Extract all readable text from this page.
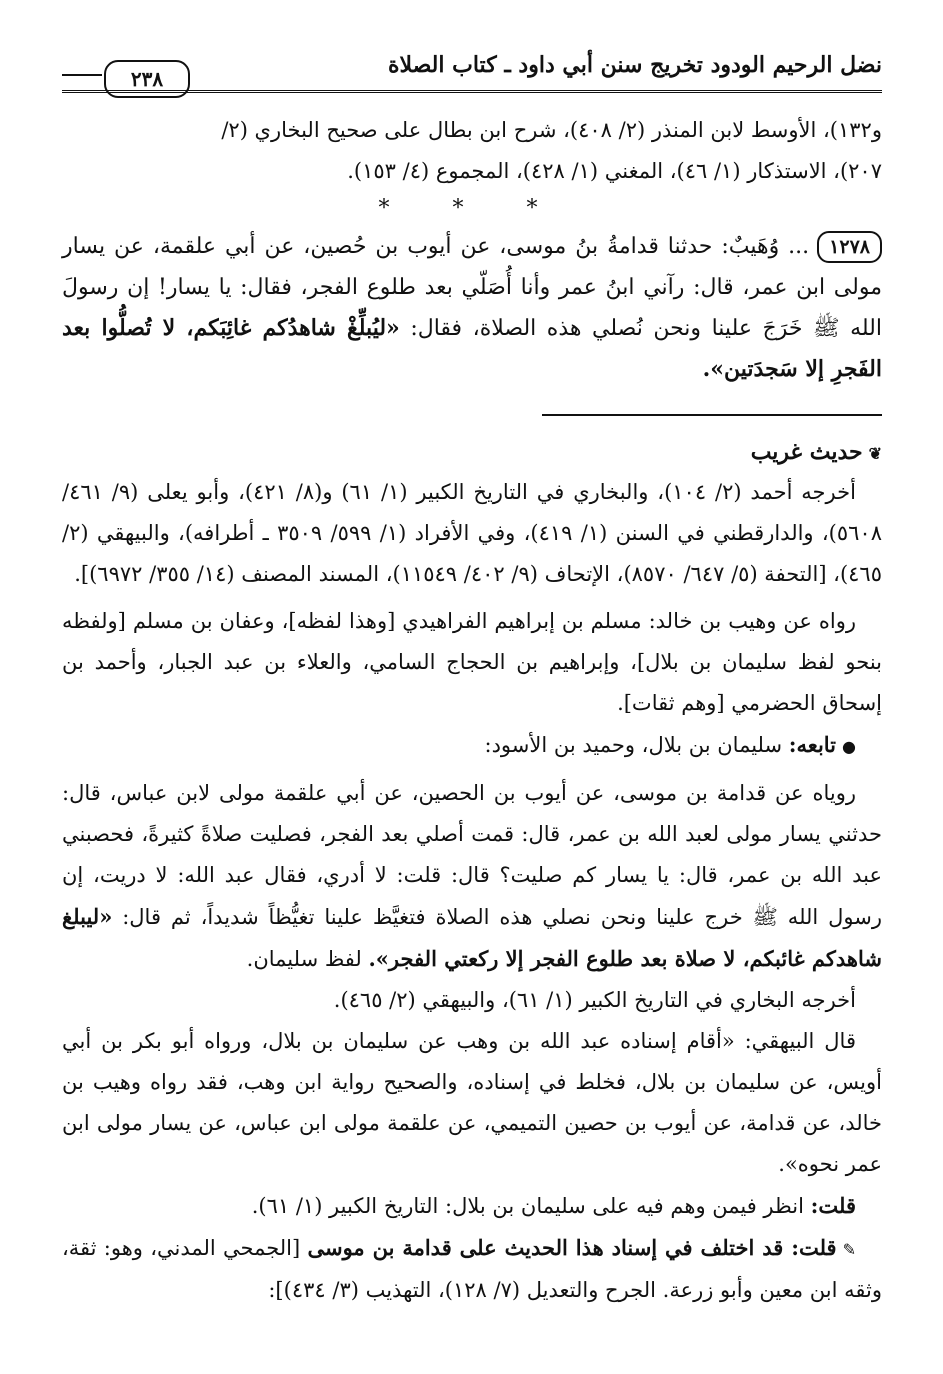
نضل الرحيم الودود تخريج سنن أبي داود ـ كتاب الصلاة
٢٣٨

و١٣٢)، الأوسط لابن المنذر (٢/ ٤٠٨)، شرح ابن بطال على صحيح البخاري (٢/

٢٠٧)، الاستذكار (١/ ٤٦)، المغني (١/ ٤٢٨)، المجموع (٤/ ١٥٣).

* * *

١٢٧٨... وُهَيبٌ: حدثنا قدامةُ بنُ موسى، عن أيوب بن حُصين، عن أبي علقمة، عن يسار مولى ابن عمر، قال: رآني ابنُ عمر وأنا أُصَلّي بعد طلوع الفجر، فقال: يا يسار! إن رسولَ الله ﷺ خَرَجَ علينا ونحن نُصلي هذه الصلاة، فقال: «ليُبلِّغْ شاهدُكم غائِبَكم، لا تُصلُّوا بعد الفَجرِ إلا سَجدَتين».

❦حديث غريب

أخرجه أحمد (٢/ ١٠٤)، والبخاري في التاريخ الكبير (١/ ٦١) و(٨/ ٤٢١)، وأبو يعلى (٩/ ٤٦١/ ٥٦٠٨)، والدارقطني في السنن (١/ ٤١٩)، وفي الأفراد (١/ ٥٩٩/ ٣٥٠٩ ـ أطرافه)، والبيهقي (٢/ ٤٦٥)، [التحفة (٥/ ٦٤٧/ ٨٥٧٠)، الإتحاف (٩/ ٤٠٢/ ١١٥٤٩)، المسند المصنف (١٤/ ٣٥٥/ ٦٩٧٢)].

رواه عن وهيب بن خالد: مسلم بن إبراهيم الفراهيدي [وهذا لفظه]، وعفان بن مسلم [ولفظه بنحو لفظ سليمان بن بلال]، وإبراهيم بن الحجاج السامي، والعلاء بن عبد الجبار، وأحمد بن إسحاق الحضرمي [وهم ثقات].

●تابعه: سليمان بن بلال، وحميد بن الأسود:

روياه عن قدامة بن موسى، عن أيوب بن الحصين، عن أبي علقمة مولى لابن عباس، قال: حدثني يسار مولى لعبد الله بن عمر، قال: قمت أصلي بعد الفجر، فصليت صلاةً كثيرةً، فحصبني عبد الله بن عمر، قال: يا يسار كم صليت؟ قال: قلت: لا أدري، فقال عبد الله: لا دريت، إن رسول الله ﷺ خرج علينا ونحن نصلي هذه الصلاة فتغيَّظ علينا تغيُّظاً شديداً، ثم قال: «ليبلغ شاهدكم غائبكم، لا صلاة بعد طلوع الفجر إلا ركعتي الفجر». لفظ سليمان.

أخرجه البخاري في التاريخ الكبير (١/ ٦١)، والبيهقي (٢/ ٤٦٥).

قال البيهقي: «أقام إسناده عبد الله بن وهب عن سليمان بن بلال، ورواه أبو بكر بن أبي أويس، عن سليمان بن بلال، فخلط في إسناده، والصحيح رواية ابن وهب، فقد رواه وهيب بن خالد، عن قدامة، عن أيوب بن حصين التميمي، عن علقمة مولى ابن عباس، عن يسار مولى ابن عمر نحوه».

قلت: انظر فيمن وهم فيه على سليمان بن بلال: التاريخ الكبير (١/ ٦١).

✎قلت: قد اختلف في إسناد هذا الحديث على قدامة بن موسى [الجمحي المدني، وهو: ثقة، وثقه ابن معين وأبو زرعة. الجرح والتعديل (٧/ ١٢٨)، التهذيب (٣/ ٤٣٤)]:
